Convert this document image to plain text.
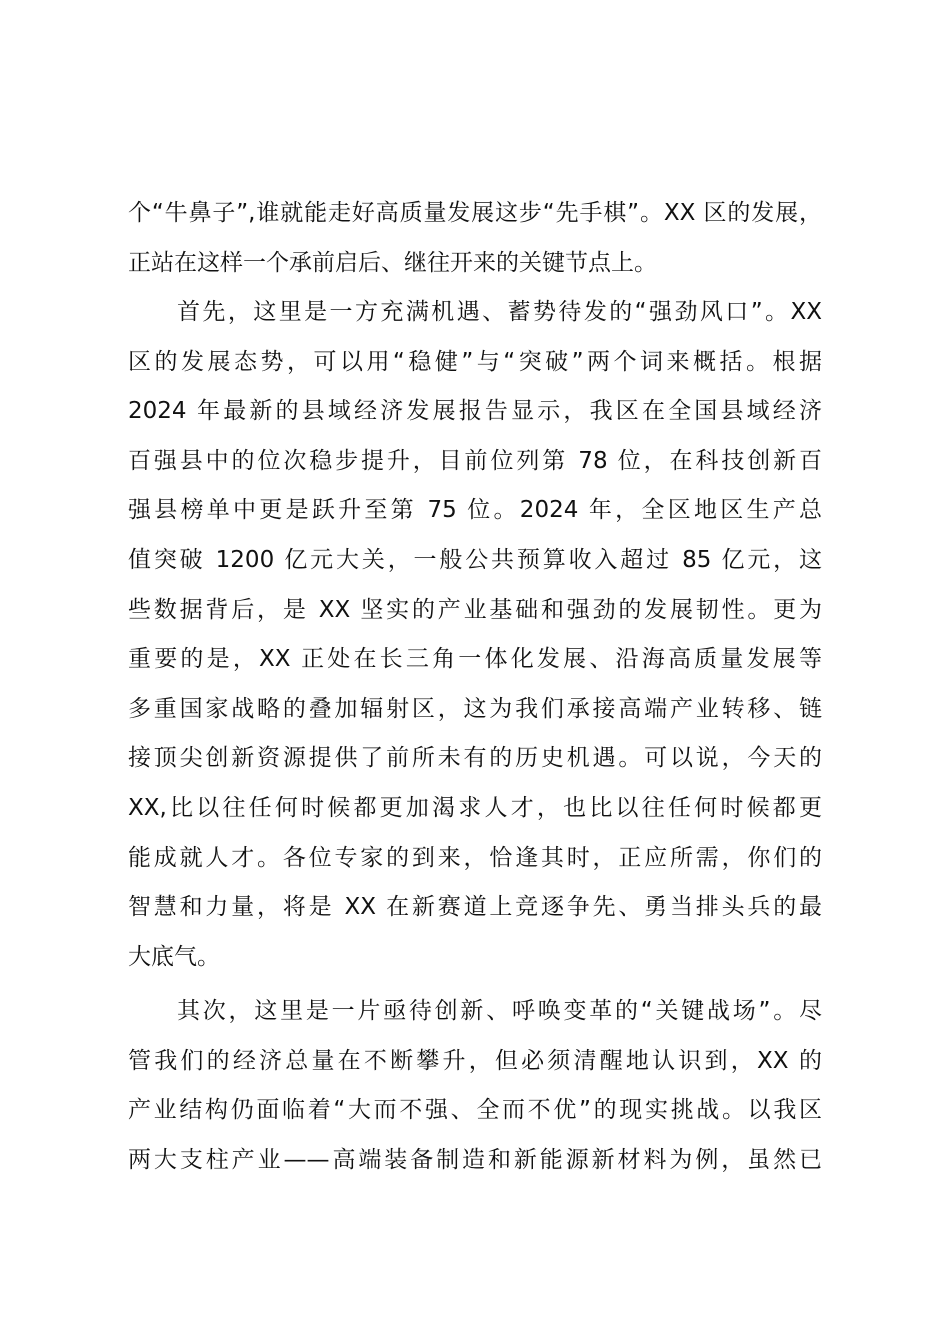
个“牛鼻子”,谁就能走好高质量发展这步“先手棋”。XX 区的发展，
正站在这样一个承前启后、继往开来的关键节点上。
首先，这里是一方充满机遇、蓄势待发的“强劲风口”。XX
区的发展态势，可以用“稳健”与“突破”两个词来概括。根据
2024 年最新的县域经济发展报告显示，我区在全国县域经济
百强县中的位次稳步提升，目前位列第 78 位，在科技创新百
强县榜单中更是跃升至第 75 位。2024 年，全区地区生产总
值突破 1200 亿元大关，一般公共预算收入超过 85 亿元，这
些数据背后，是 XX 坚实的产业基础和强劲的发展韧性。更为
重要的是，XX 正处在长三角一体化发展、沿海高质量发展等
多重国家战略的叠加辐射区，这为我们承接高端产业转移、链
接顶尖创新资源提供了前所未有的历史机遇。可以说，今天的
XX,比以往任何时候都更加渴求人才，也比以往任何时候都更
能成就人才。各位专家的到来，恰逢其时，正应所需，你们的
智慧和力量，将是 XX 在新赛道上竞逐争先、勇当排头兵的最
大底气。
其次，这里是一片亟待创新、呼唤变革的“关键战场”。尽
管我们的经济总量在不断攀升，但必须清醒地认识到，XX 的
产业结构仍面临着“大而不强、全而不优”的现实挑战。以我区
两大支柱产业——高端装备制造和新能源新材料为例，虽然已
